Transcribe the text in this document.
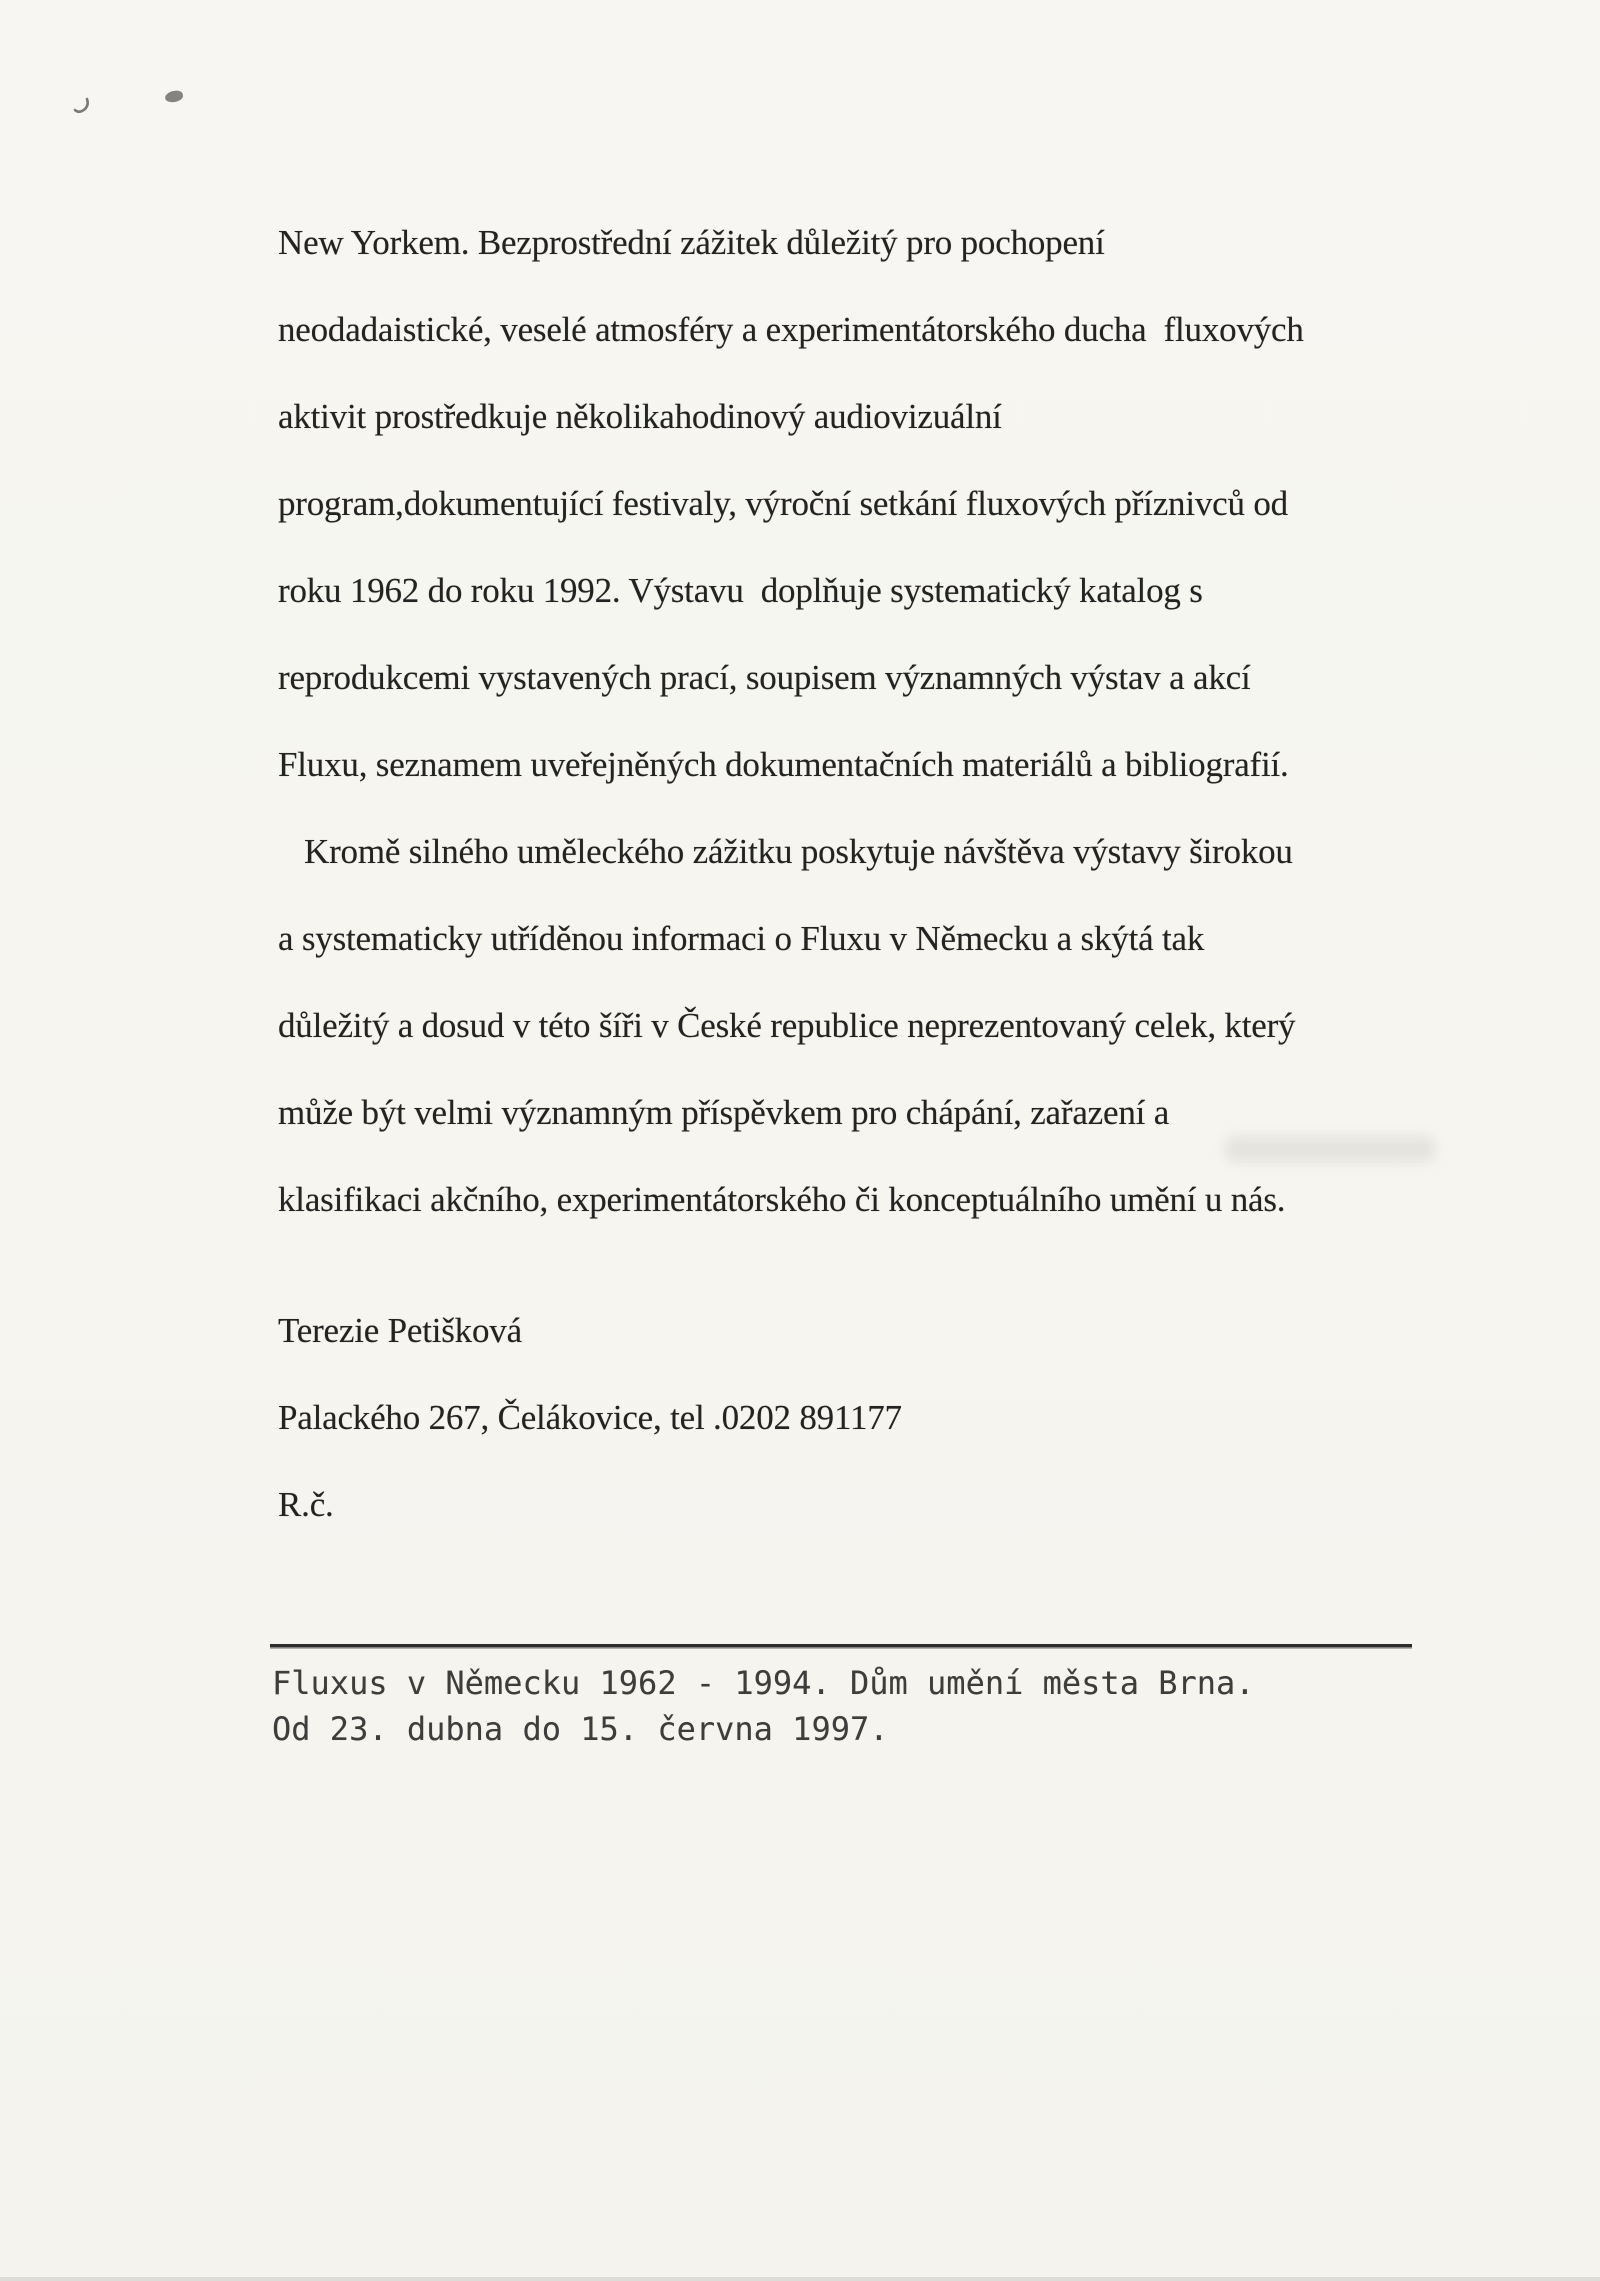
New Yorkem. Bezprostřední zážitek důležitý pro pochopení
neodadaistické, veselé atmosféry a experimentátorského ducha  fluxových
aktivit prostředkuje několikahodinový audiovizuální
program,dokumentující festivaly, výroční setkání fluxových příznivců od
roku 1962 do roku 1992. Výstavu  doplňuje systematický katalog s
reprodukcemi vystavených prací, soupisem významných výstav a akcí
Fluxu, seznamem uveřejněných dokumentačních materiálů a bibliografií.
Kromě silného uměleckého zážitku poskytuje návštěva výstavy širokou
a systematicky utříděnou informaci o Fluxu v Německu a skýtá tak
důležitý a dosud v této šíři v České republice neprezentovaný celek, který
může být velmi významným příspěvkem pro chápání, zařazení a
klasifikaci akčního, experimentátorského či konceptuálního umění u nás.
Terezie Petišková
Palackého 267, Čelákovice, tel .0202 891177
R.č.
Fluxus v Německu 1962 - 1994. Dům umění města Brna.
Od 23. dubna do 15. června 1997.
